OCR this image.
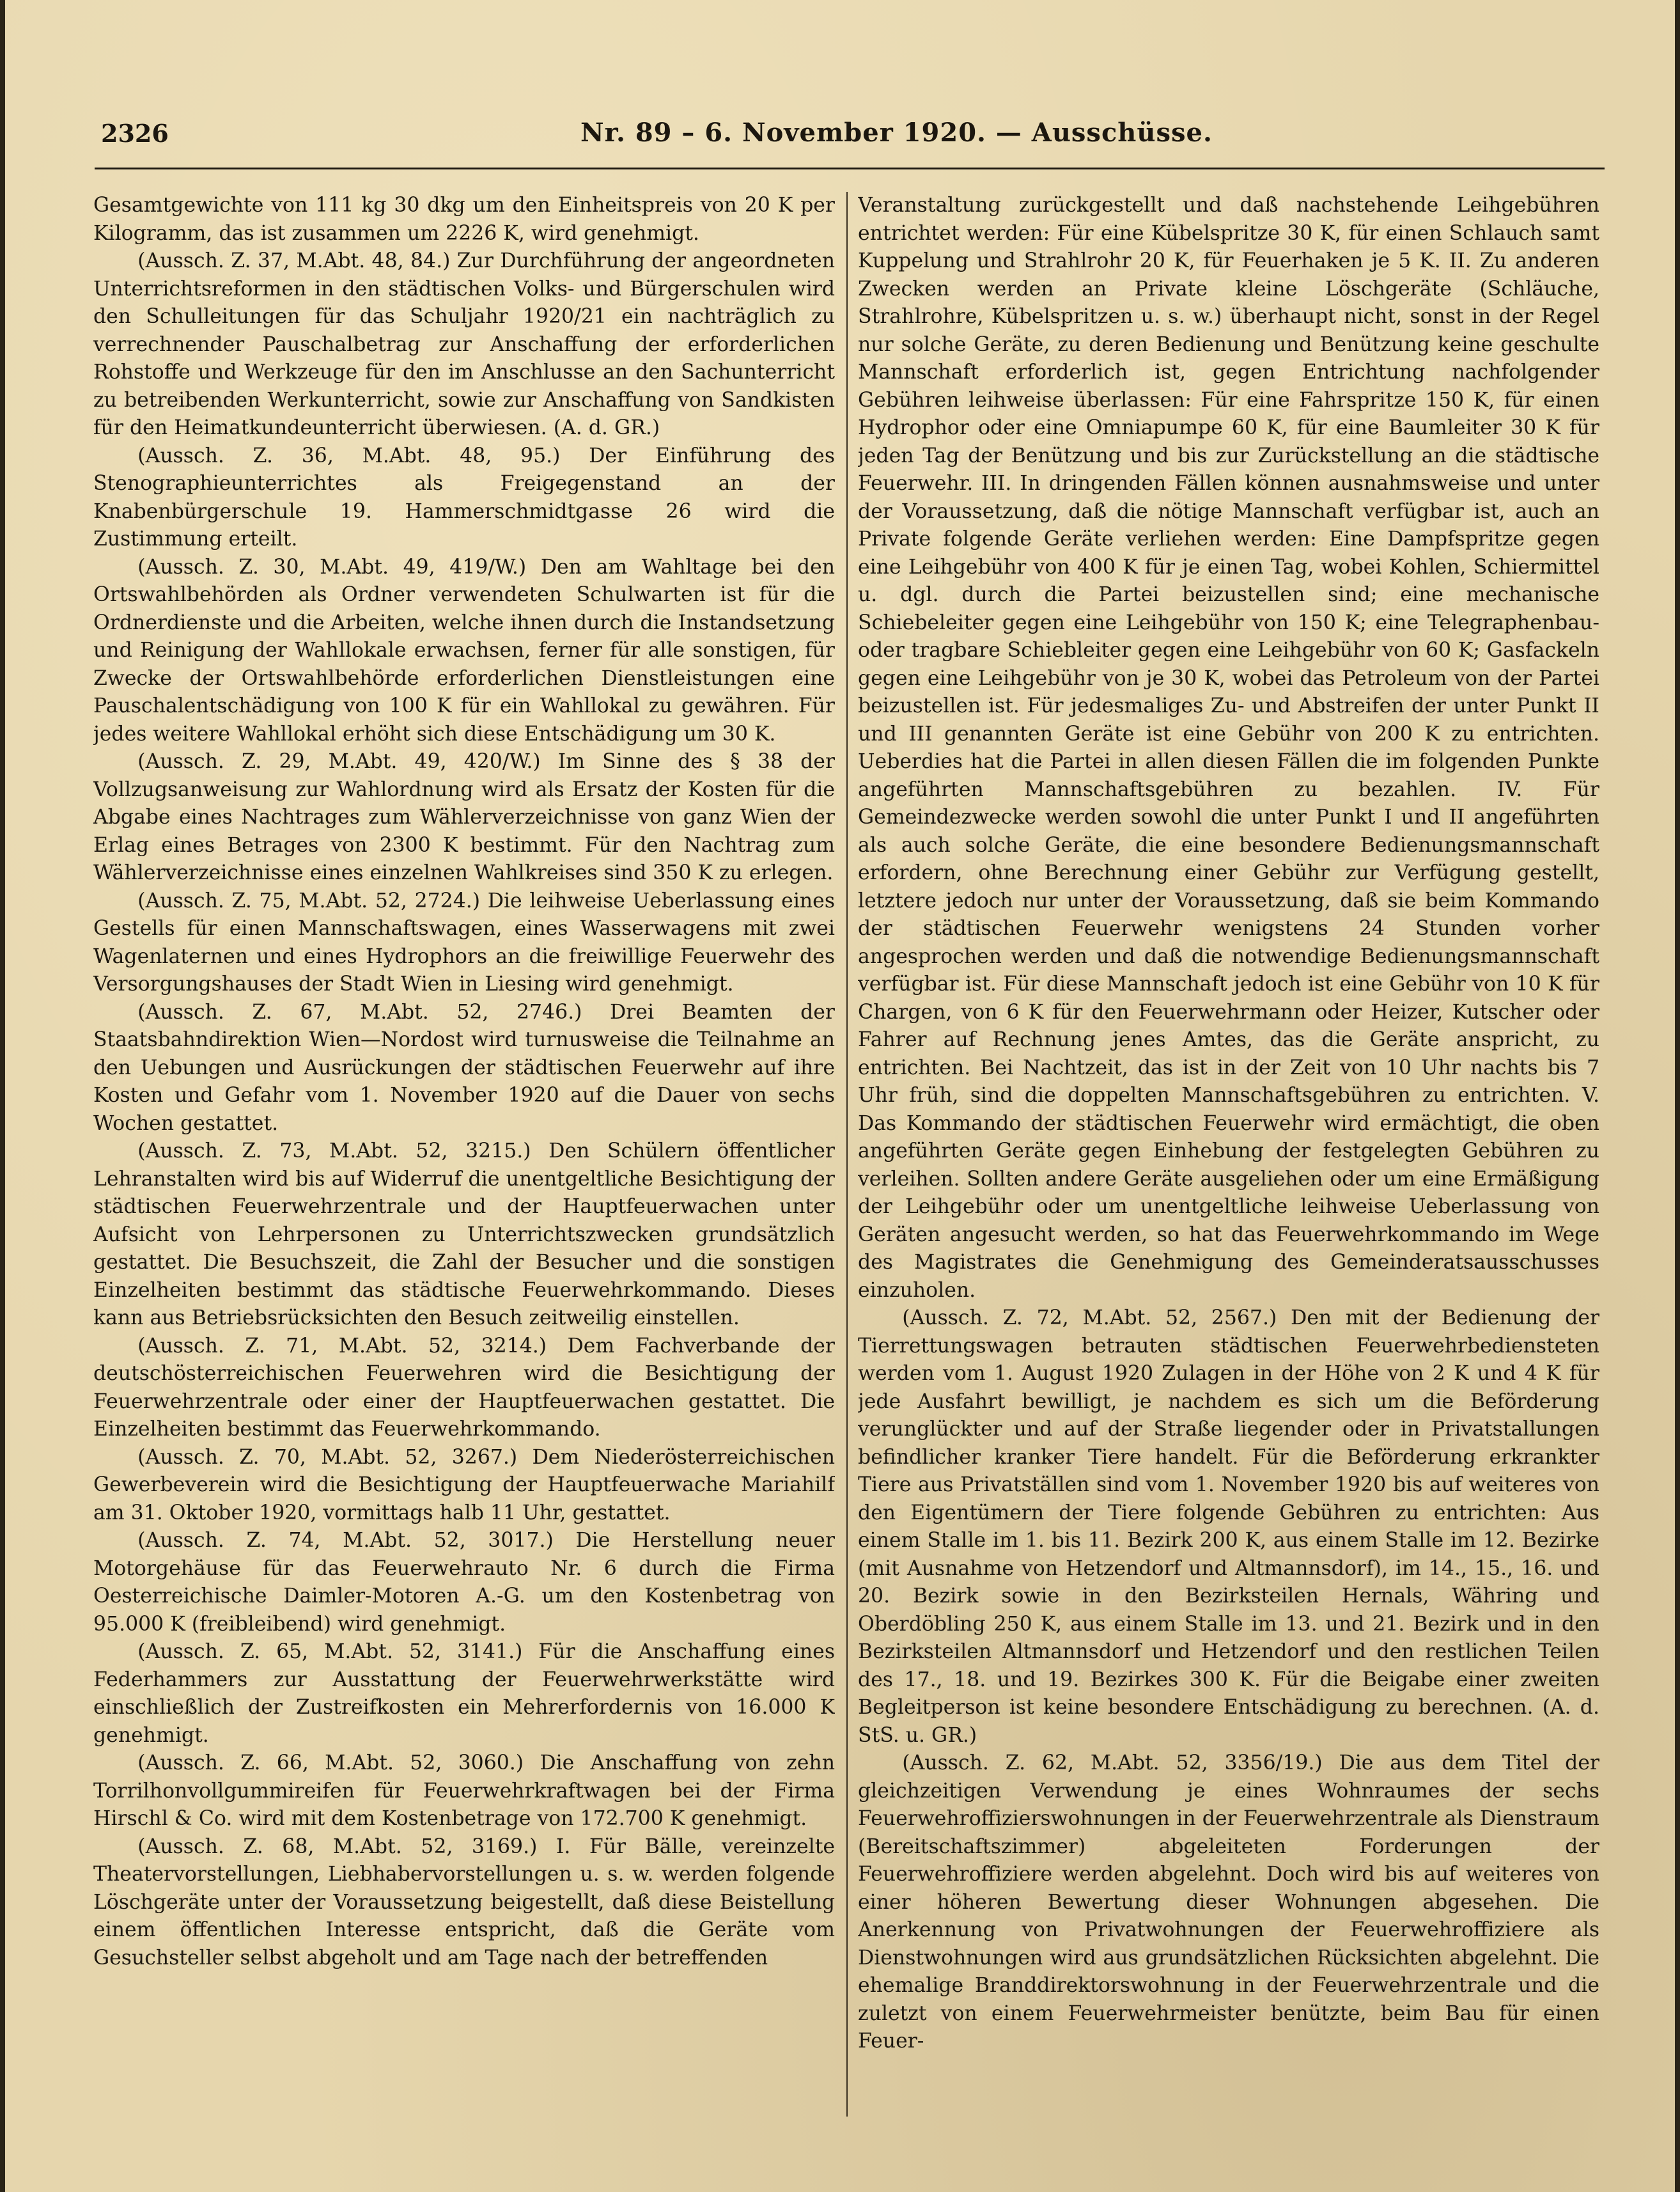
2326	Nr. 89 – 6. November 1920. — Ausschüsse.

Gesamtgewichte von 111 kg 30 dkg um den Einheitspreis von 20 K per Kilogramm, das ist zusammen um 2226 K, wird genehmigt.

(Aussch. Z. 37, M.Abt. 48, 84.) Zur Durchführung der angeordneten Unterrichtsreformen in den städtischen Volks- und Bürgerschulen wird den Schulleitungen für das Schuljahr 1920/21 ein nachträglich zu verrechnender Pauschalbetrag zur Anschaffung der erforderlichen Rohstoffe und Werkzeuge für den im Anschlusse an den Sachunterricht zu betreibenden Werkunterricht, sowie zur Anschaffung von Sandkisten für den Heimatkundeunterricht überwiesen. (A. d. GR.)

(Aussch. Z. 36, M.Abt. 48, 95.) Der Einführung des Stenographieunterrichtes als Freigegenstand an der Knabenbürgerschule 19. Hammerschmidtgasse 26 wird die Zustimmung erteilt.

(Aussch. Z. 30, M.Abt. 49, 419/W.) Den am Wahltage bei den Ortswahlbehörden als Ordner verwendeten Schulwarten ist für die Ordnerdienste und die Arbeiten, welche ihnen durch die Instandsetzung und Reinigung der Wahllokale erwachsen, ferner für alle sonstigen, für Zwecke der Ortswahlbehörde erforderlichen Dienstleistungen eine Pauschalentschädigung von 100 K für ein Wahllokal zu gewähren. Für jedes weitere Wahllokal erhöht sich diese Entschädigung um 30 K.

(Aussch. Z. 29, M.Abt. 49, 420/W.) Im Sinne des § 38 der Vollzugsanweisung zur Wahlordnung wird als Ersatz der Kosten für die Abgabe eines Nachtrages zum Wählerverzeichnisse von ganz Wien der Erlag eines Betrages von 2300 K bestimmt. Für den Nachtrag zum Wählerverzeichnisse eines einzelnen Wahlkreises sind 350 K zu erlegen.

(Aussch. Z. 75, M.Abt. 52, 2724.) Die leihweise Ueberlassung eines Gestells für einen Mannschaftswagen, eines Wasserwagens mit zwei Wagenlaternen und eines Hydrophors an die freiwillige Feuerwehr des Versorgungshauses der Stadt Wien in Liesing wird genehmigt.

(Aussch. Z. 67, M.Abt. 52, 2746.) Drei Beamten der Staatsbahndirektion Wien—Nordost wird turnusweise die Teilnahme an den Uebungen und Ausrückungen der städtischen Feuerwehr auf ihre Kosten und Gefahr vom 1. November 1920 auf die Dauer von sechs Wochen gestattet.

(Aussch. Z. 73, M.Abt. 52, 3215.) Den Schülern öffentlicher Lehranstalten wird bis auf Widerruf die unentgeltliche Besichtigung der städtischen Feuerwehrzentrale und der Hauptfeuerwachen unter Aufsicht von Lehrpersonen zu Unterrichtszwecken grundsätzlich gestattet. Die Besuchszeit, die Zahl der Besucher und die sonstigen Einzelheiten bestimmt das städtische Feuerwehrkommando. Dieses kann aus Betriebsrücksichten den Besuch zeitweilig einstellen.

(Aussch. Z. 71, M.Abt. 52, 3214.) Dem Fachverbande der deutschösterreichischen Feuerwehren wird die Besichtigung der Feuerwehrzentrale oder einer der Hauptfeuerwachen gestattet. Die Einzelheiten bestimmt das Feuerwehrkommando.

(Aussch. Z. 70, M.Abt. 52, 3267.) Dem Niederösterreichischen Gewerbeverein wird die Besichtigung der Hauptfeuerwache Mariahilf am 31. Oktober 1920, vormittags halb 11 Uhr, gestattet.

(Aussch. Z. 74, M.Abt. 52, 3017.) Die Herstellung neuer Motorgehäuse für das Feuerwehrauto Nr. 6 durch die Firma Oesterreichische Daimler-Motoren A.-G. um den Kostenbetrag von 95.000 K (freibleibend) wird genehmigt.

(Aussch. Z. 65, M.Abt. 52, 3141.) Für die Anschaffung eines Federhammers zur Ausstattung der Feuerwehrwerkstätte wird einschließlich der Zustreifkosten ein Mehrerfordernis von 16.000 K genehmigt.

(Aussch. Z. 66, M.Abt. 52, 3060.) Die Anschaffung von zehn Torrilhonvollgummireifen für Feuerwehrkraftwagen bei der Firma Hirschl & Co. wird mit dem Kostenbetrage von 172.700 K genehmigt.

(Aussch. Z. 68, M.Abt. 52, 3169.) I. Für Bälle, vereinzelte Theatervorstellungen, Liebhabervorstellungen u. s. w. werden folgende Löschgeräte unter der Voraussetzung beigestellt, daß diese Beistellung einem öffentlichen Interesse entspricht, daß die Geräte vom Gesuchsteller selbst abgeholt und am Tage nach der betreffenden

Veranstaltung zurückgestellt und daß nachstehende Leihgebühren entrichtet werden: Für eine Kübelspritze 30 K, für einen Schlauch samt Kuppelung und Strahlrohr 20 K, für Feuerhaken je 5 K. II. Zu anderen Zwecken werden an Private kleine Löschgeräte (Schläuche, Strahlrohre, Kübelspritzen u. s. w.) überhaupt nicht, sonst in der Regel nur solche Geräte, zu deren Bedienung und Benützung keine geschulte Mannschaft erforderlich ist, gegen Entrichtung nachfolgender Gebühren leihweise überlassen: Für eine Fahrspritze 150 K, für einen Hydrophor oder eine Omniapumpe 60 K, für eine Baumleiter 30 K für jeden Tag der Benützung und bis zur Zurückstellung an die städtische Feuerwehr. III. In dringenden Fällen können ausnahmsweise und unter der Voraussetzung, daß die nötige Mannschaft verfügbar ist, auch an Private folgende Geräte verliehen werden: Eine Dampfspritze gegen eine Leihgebühr von 400 K für je einen Tag, wobei Kohlen, Schiermittel u. dgl. durch die Partei beizustellen sind; eine mechanische Schiebeleiter gegen eine Leihgebühr von 150 K; eine Telegraphenbau- oder tragbare Schiebleiter gegen eine Leihgebühr von 60 K; Gasfackeln gegen eine Leihgebühr von je 30 K, wobei das Petroleum von der Partei beizustellen ist. Für jedesmaliges Zu- und Abstreifen der unter Punkt II und III genannten Geräte ist eine Gebühr von 200 K zu entrichten. Ueberdies hat die Partei in allen diesen Fällen die im folgenden Punkte angeführten Mannschaftsgebühren zu bezahlen. IV. Für Gemeindezwecke werden sowohl die unter Punkt I und II angeführten als auch solche Geräte, die eine besondere Bedienungsmannschaft erfordern, ohne Berechnung einer Gebühr zur Verfügung gestellt, letztere jedoch nur unter der Voraussetzung, daß sie beim Kommando der städtischen Feuerwehr wenigstens 24 Stunden vorher angesprochen werden und daß die notwendige Bedienungsmannschaft verfügbar ist. Für diese Mannschaft jedoch ist eine Gebühr von 10 K für Chargen, von 6 K für den Feuerwehrmann oder Heizer, Kutscher oder Fahrer auf Rechnung jenes Amtes, das die Geräte anspricht, zu entrichten. Bei Nachtzeit, das ist in der Zeit von 10 Uhr nachts bis 7 Uhr früh, sind die doppelten Mannschaftsgebühren zu entrichten. V. Das Kommando der städtischen Feuerwehr wird ermächtigt, die oben angeführten Geräte gegen Einhebung der festgelegten Gebühren zu verleihen. Sollten andere Geräte ausgeliehen oder um eine Ermäßigung der Leihgebühr oder um unentgeltliche leihweise Ueberlassung von Geräten angesucht werden, so hat das Feuerwehrkommando im Wege des Magistrates die Genehmigung des Gemeinderatsausschusses einzuholen.

(Aussch. Z. 72, M.Abt. 52, 2567.) Den mit der Bedienung der Tierrettungswagen betrauten städtischen Feuerwehrbediensteten werden vom 1. August 1920 Zulagen in der Höhe von 2 K und 4 K für jede Ausfahrt bewilligt, je nachdem es sich um die Beförderung verunglückter und auf der Straße liegender oder in Privatstallungen befindlicher kranker Tiere handelt. Für die Beförderung erkrankter Tiere aus Privatställen sind vom 1. November 1920 bis auf weiteres von den Eigentümern der Tiere folgende Gebühren zu entrichten: Aus einem Stalle im 1. bis 11. Bezirk 200 K, aus einem Stalle im 12. Bezirke (mit Ausnahme von Hetzendorf und Altmannsdorf), im 14., 15., 16. und 20. Bezirk sowie in den Bezirksteilen Hernals, Währing und Oberdöbling 250 K, aus einem Stalle im 13. und 21. Bezirk und in den Bezirksteilen Altmannsdorf und Hetzendorf und den restlichen Teilen des 17., 18. und 19. Bezirkes 300 K. Für die Beigabe einer zweiten Begleitperson ist keine besondere Entschädigung zu berechnen. (A. d. StS. u. GR.)

(Aussch. Z. 62, M.Abt. 52, 3356/19.) Die aus dem Titel der gleichzeitigen Verwendung je eines Wohnraumes der sechs Feuerwehroffizierswohnungen in der Feuerwehrzentrale als Dienstraum (Bereitschaftszimmer) abgeleiteten Forderungen der Feuerwehroffiziere werden abgelehnt. Doch wird bis auf weiteres von einer höheren Bewertung dieser Wohnungen abgesehen. Die Anerkennung von Privatwohnungen der Feuerwehroffiziere als Dienstwohnungen wird aus grundsätzlichen Rücksichten abgelehnt. Die ehemalige Branddirektorswohnung in der Feuerwehrzentrale und die zuletzt von einem Feuerwehrmeister benützte, beim Bau für einen Feuer-
